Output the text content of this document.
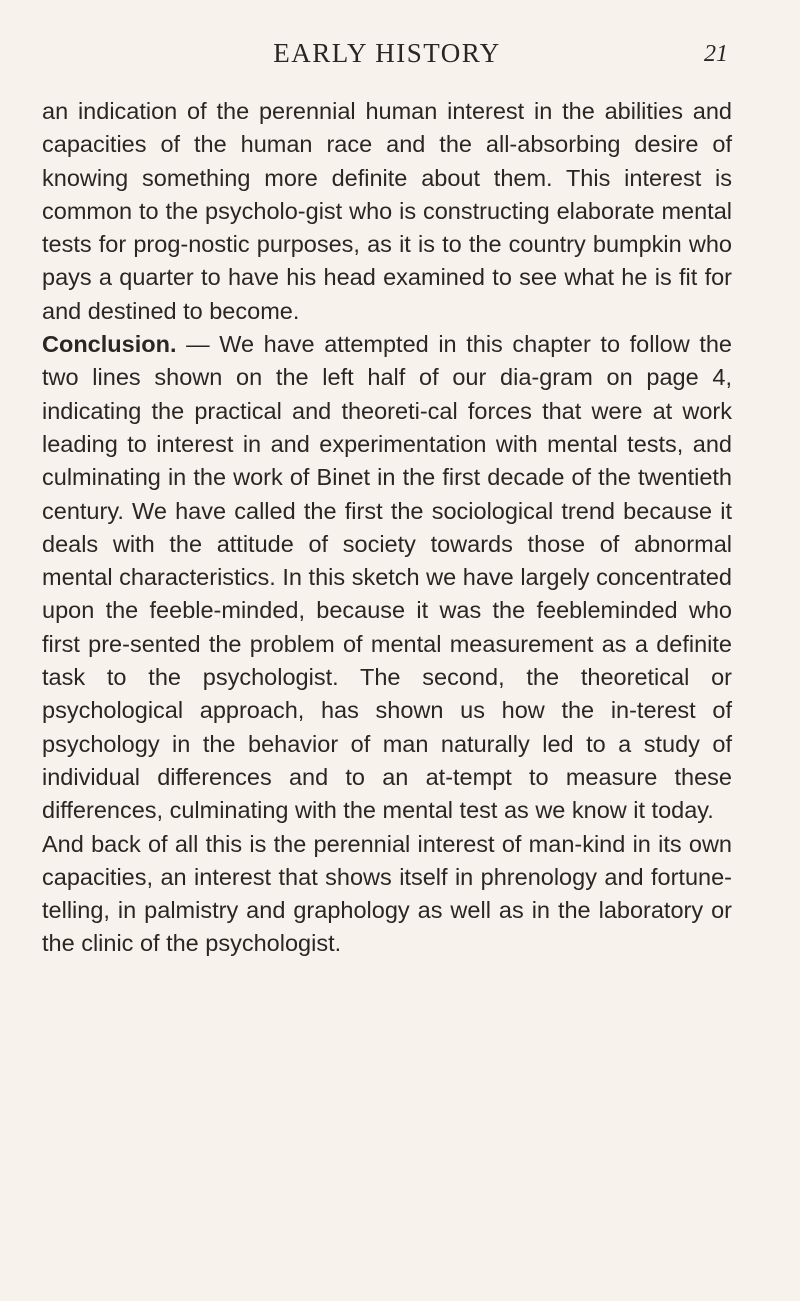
EARLY HISTORY	21

an indication of the perennial human interest in the abilities and capacities of the human race and the all-absorbing desire of knowing something more definite about them. This interest is common to the psycholo-gist who is constructing elaborate mental tests for prog-nostic purposes, as it is to the country bumpkin who pays a quarter to have his head examined to see what he is fit for and destined to become.

Conclusion. — We have attempted in this chapter to follow the two lines shown on the left half of our dia-gram on page 4, indicating the practical and theoreti-cal forces that were at work leading to interest in and experimentation with mental tests, and culminating in the work of Binet in the first decade of the twentieth century. We have called the first the sociological trend because it deals with the attitude of society towards those of abnormal mental characteristics. In this sketch we have largely concentrated upon the feeble-minded, because it was the feebleminded who first pre-sented the problem of mental measurement as a definite task to the psychologist. The second, the theoretical or psychological approach, has shown us how the in-terest of psychology in the behavior of man naturally led to a study of individual differences and to an at-tempt to measure these differences, culminating with the mental test as we know it today.

And back of all this is the perennial interest of man-kind in its own capacities, an interest that shows itself in phrenology and fortune-telling, in palmistry and graphology as well as in the laboratory or the clinic of the psychologist.
